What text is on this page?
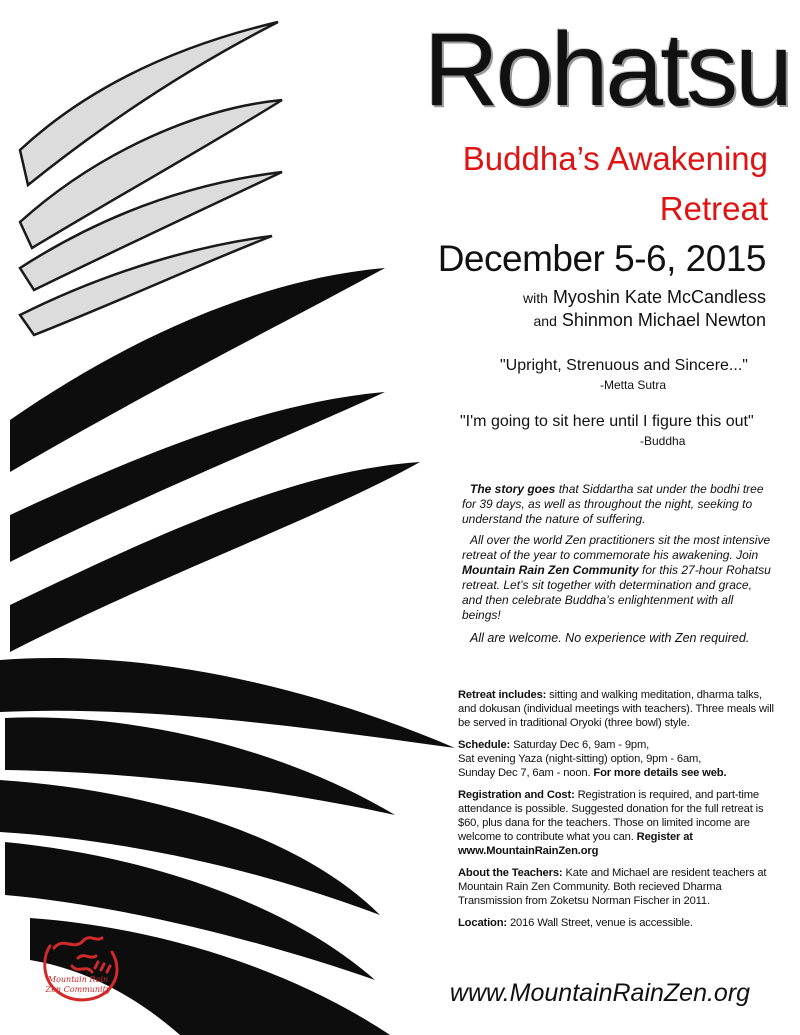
Rohatsu
Buddha’s Awakening
Retreat
December 5-6, 2015
with Myoshin Kate McCandless
and Shinmon Michael Newton
"Upright, Strenuous and Sincere..."
-Metta Sutra
"I'm going to sit here until I figure this out"
-Buddha

The story goes that Siddartha sat under the bodhi tree for 39 days, as well as throughout the night, seeking to understand the nature of suffering.

All over the world Zen practitioners sit the most intensive retreat of the year to commemorate his awakening. Join Mountain Rain Zen Community for this 27-hour Rohatsu retreat. Let’s sit together with determination and grace, and then celebrate Buddha’s enlightenment with all beings!

All are welcome. No experience with Zen required.

Retreat includes: sitting and walking meditation, dharma talks, and dokusan (individual meetings with teachers). Three meals will be served in traditional Oryoki (three bowl) style.

Schedule: Saturday Dec 6, 9am - 9pm,
Sat evening Yaza (night-sitting) option, 9pm - 6am,
Sunday Dec 7, 6am - noon. For more details see web.

Registration and Cost: Registration is required, and part-time attendance is possible. Suggested donation for the full retreat is $60, plus dana for the teachers. Those on limited income are welcome to contribute what you can. Register at www.MountainRainZen.org

About the Teachers: Kate and Michael are resident teachers at Mountain Rain Zen Community. Both recieved Dharma Transmission from Zoketsu Norman Fischer in 2011.

Location: 2016 Wall Street, venue is accessible.

www.MountainRainZen.org
Mountain Rain
Zen Community
